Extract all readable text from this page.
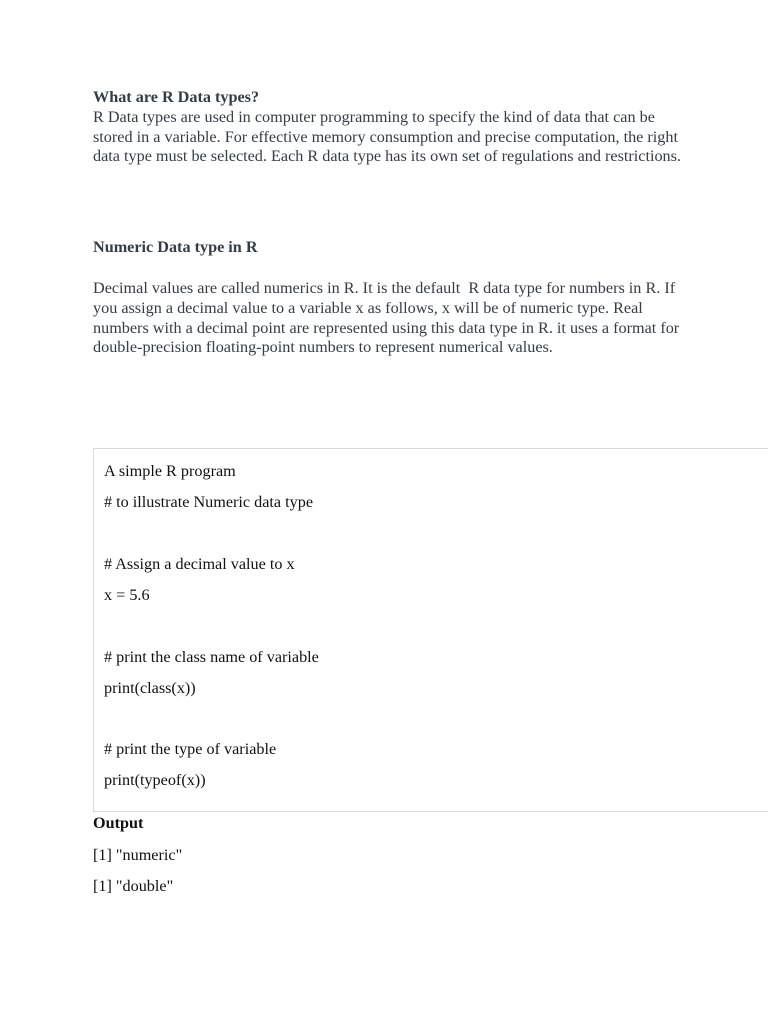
What are R Data types?
R Data types are used in computer programming to specify the kind of data that can be stored in a variable. For effective memory consumption and precise computation, the right data type must be selected. Each R data type has its own set of regulations and restrictions.
Numeric Data type in R
Decimal values are called numerics in R. It is the default  R data type for numbers in R. If you assign a decimal value to a variable x as follows, x will be of numeric type. Real numbers with a decimal point are represented using this data type in R. it uses a format for double-precision floating-point numbers to represent numerical values.
A simple R program
# to illustrate Numeric data type
# Assign a decimal value to x
x = 5.6
# print the class name of variable
print(class(x))
# print the type of variable
print(typeof(x))
Output
[1] "numeric"
[1] "double"
